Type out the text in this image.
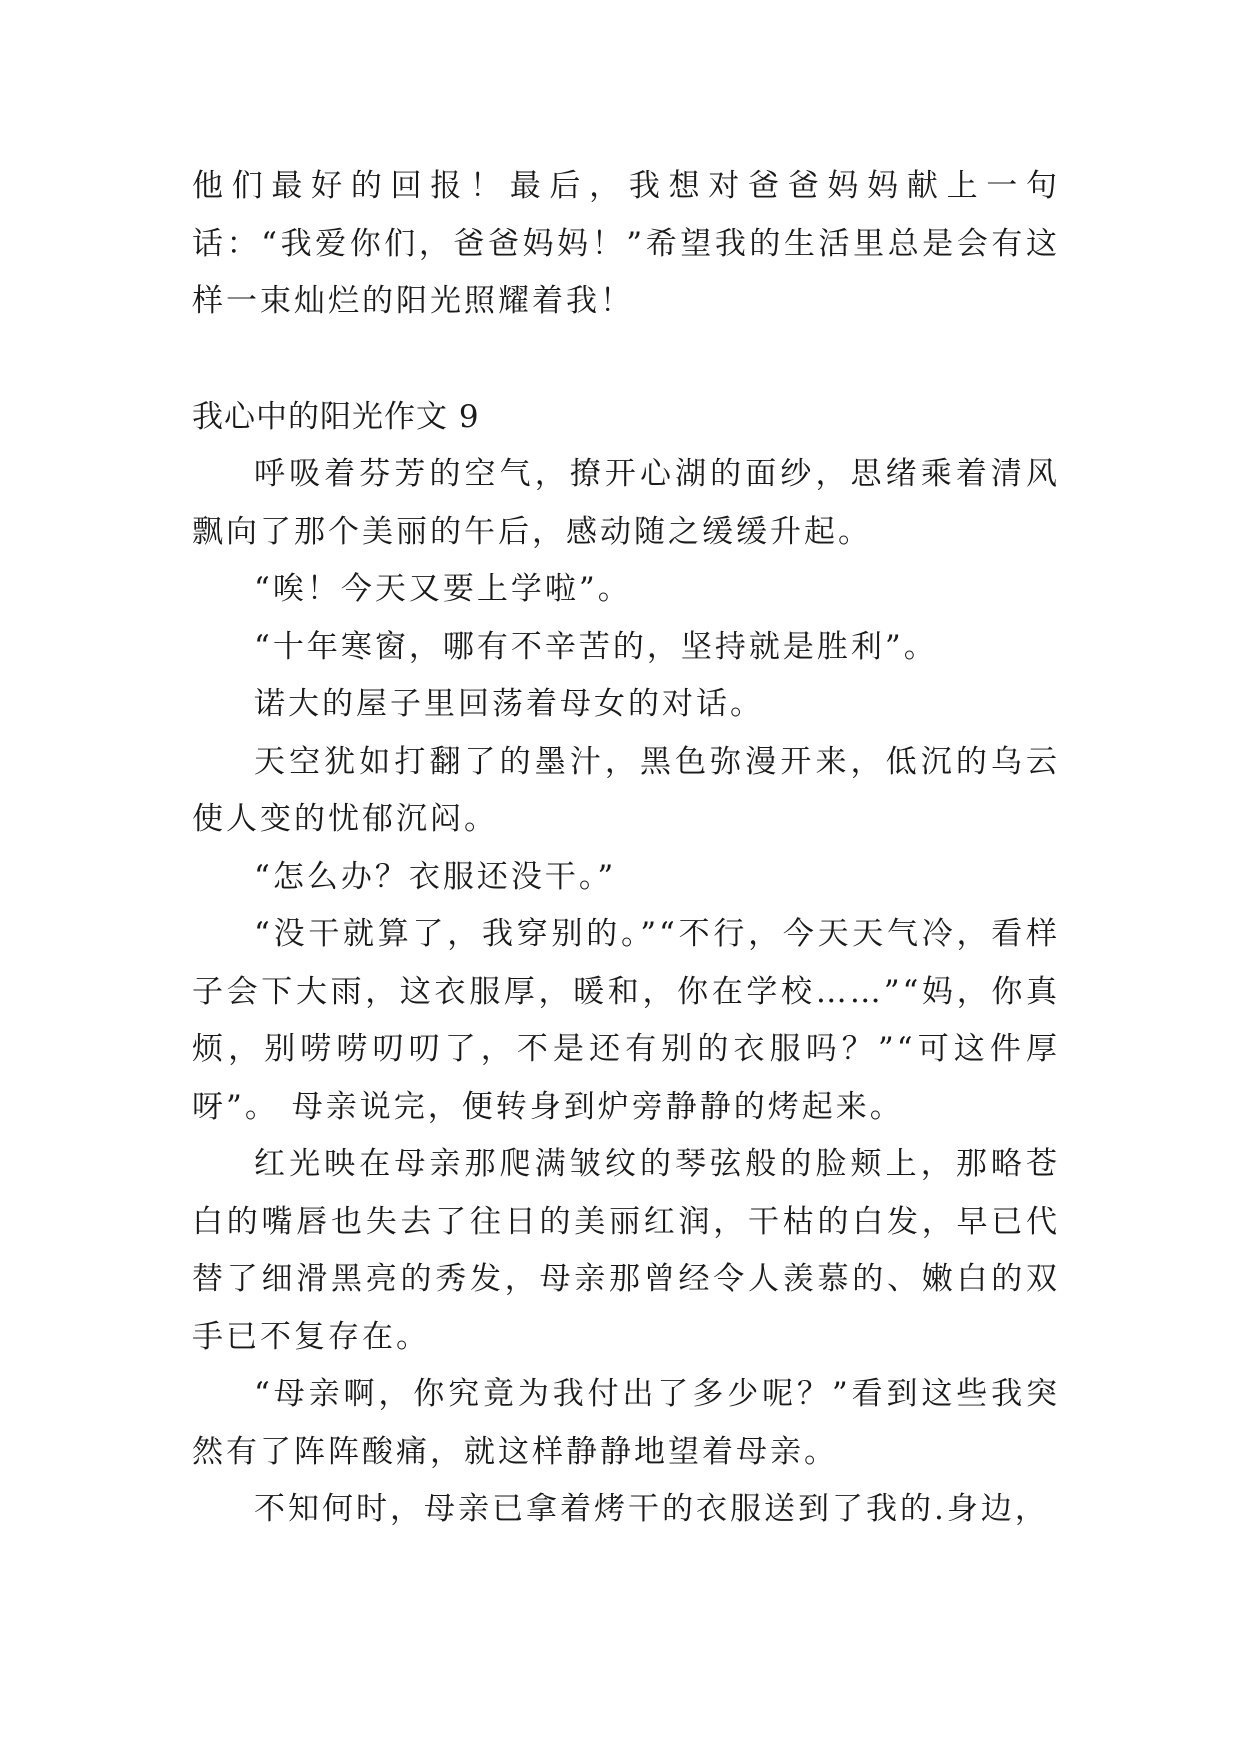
他们最好的回报！最后，我想对爸爸妈妈献上一句话：“我爱你们，爸爸妈妈！”希望我的生活里总是会有这样一束灿烂的阳光照耀着我！

我心中的阳光作文 9

呼吸着芬芳的空气，撩开心湖的面纱，思绪乘着清风飘向了那个美丽的午后，感动随之缓缓升起。

“唉！今天又要上学啦”。

“十年寒窗，哪有不辛苦的，坚持就是胜利”。

诺大的屋子里回荡着母女的对话。

天空犹如打翻了的墨汁，黑色弥漫开来，低沉的乌云使人变的忧郁沉闷。

“怎么办？衣服还没干。”

“没干就算了，我穿别的。”“不行，今天天气冷，看样子会下大雨，这衣服厚，暖和，你在学校……”“妈，你真烦，别唠唠叨叨了，不是还有别的衣服吗？”“可这件厚呀”。 母亲说完，便转身到炉旁静静的烤起来。

红光映在母亲那爬满皱纹的琴弦般的脸颊上，那略苍白的嘴唇也失去了往日的美丽红润，干枯的白发，早已代替了细滑黑亮的秀发，母亲那曾经令人羡慕的、嫩白的双手已不复存在。

“母亲啊，你究竟为我付出了多少呢？”看到这些我突然有了阵阵酸痛，就这样静静地望着母亲。

不知何时，母亲已拿着烤干的衣服送到了我的.身边，
